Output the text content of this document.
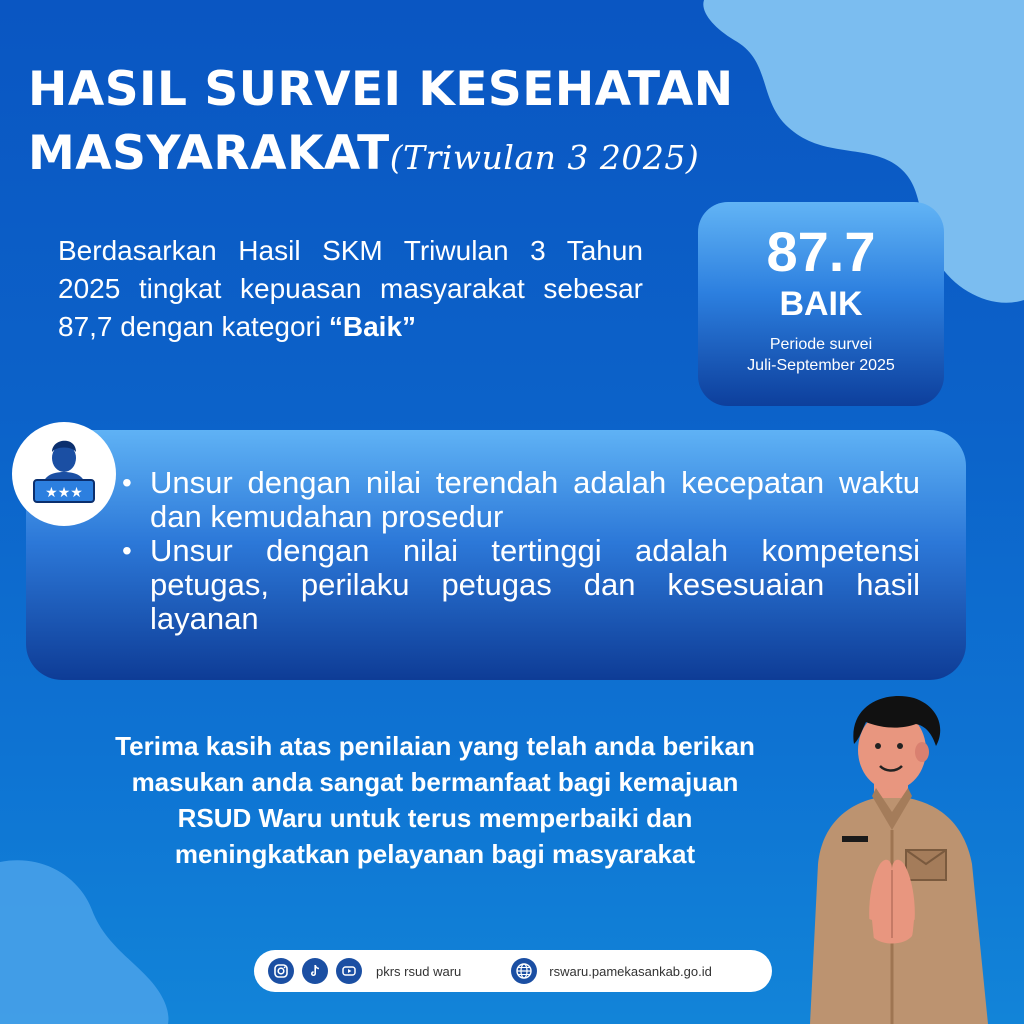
HASIL SURVEI KESEHATAN
MASYARAKAT(Triwulan 3 2025)

Berdasarkan Hasil SKM Triwulan 3 Tahun 2025 tingkat kepuasan masyarakat sebesar 87,7 dengan kategori “Baik”

87.7
BAIK
Periode survei
Juli-September 2025
★★★
•	Unsur dengan nilai terendah adalah kecepatan waktu dan kemudahan prosedur
• Unsur dengan nilai tertinggi adalah kompetensi petugas, perilaku petugas dan kesesuaian hasil layanan
Terima kasih atas penilaian yang telah anda berikan
masukan anda sangat bermanfaat bagi kemajuan
RSUD Waru untuk terus memperbaiki dan
meningkatkan pelayanan bagi masyarakat
pkrs rsud waru	rswaru.pamekasankab.go.id
